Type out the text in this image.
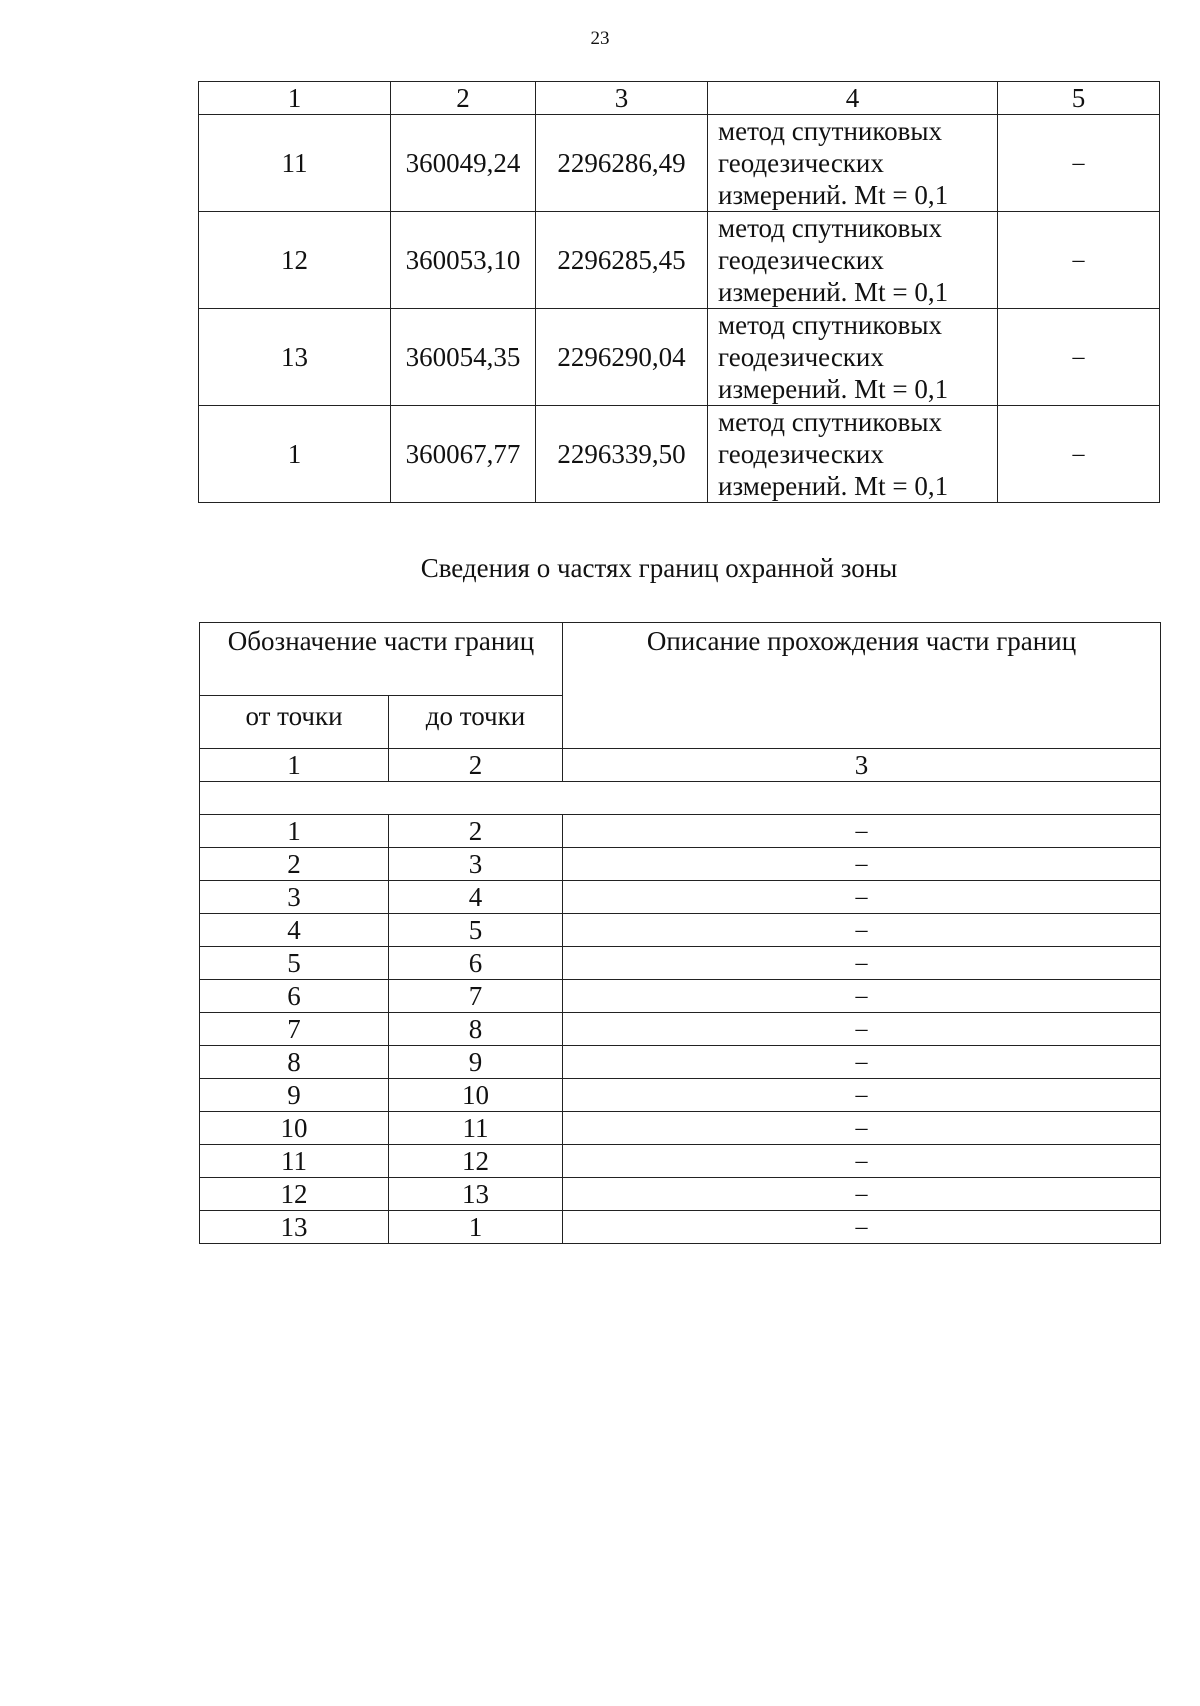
23
1	2	3	4	5
11	360049,24	2296286,49	метод спутниковых
геодезических
измерений. Mt = 0,1	–
12	360053,10	2296285,45	метод спутниковых
геодезических
измерений. Mt = 0,1	–
13	360054,35	2296290,04	метод спутниковых
геодезических
измерений. Mt = 0,1	–
1	360067,77	2296339,50	метод спутниковых
геодезических
измерений. Mt = 0,1	–
Сведения о частях границ охранной зоны
Обозначение части границ		Описание прохождения части границ
от точки	до точки	
1	2	3

1	2	–
2	3	–
3	4	–
4	5	–
5	6	–
6	7	–
7	8	–
8	9	–
9	10	–
10	11	–
11	12	–
12	13	–
13	1	–
